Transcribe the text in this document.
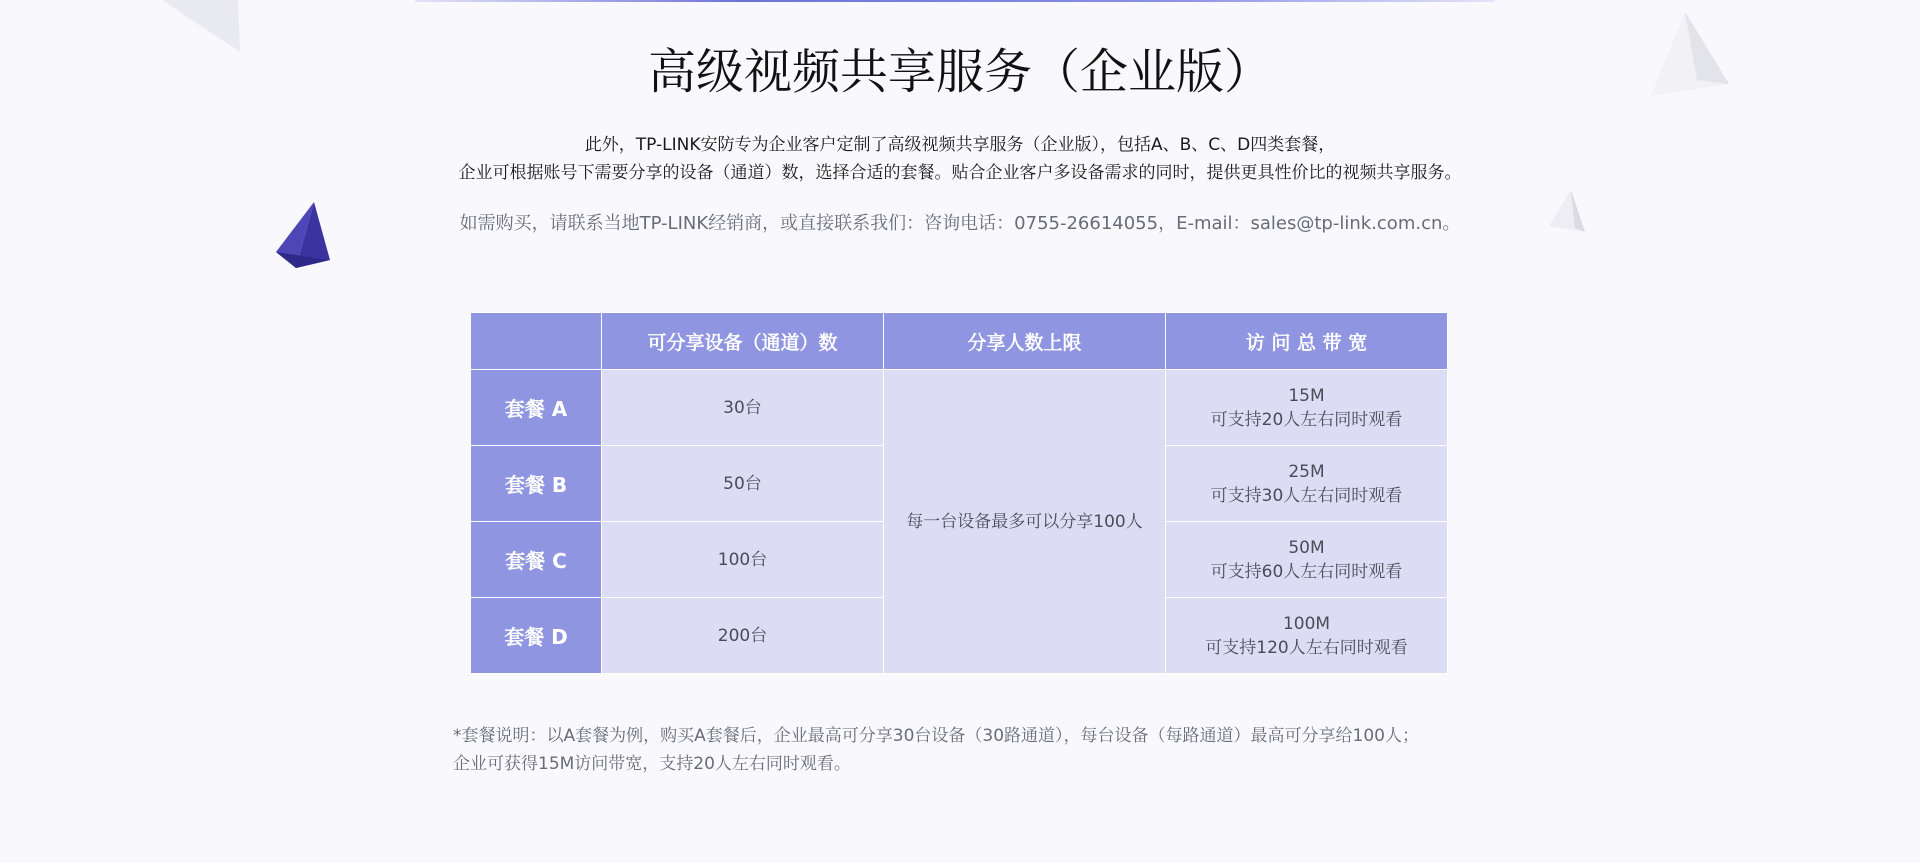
高级视频共享服务（企业版）

此外，TP-LINK安防专为企业客户定制了高级视频共享服务（企业版），包括A、B、C、D四类套餐，

企业可根据账号下需要分享的设备（通道）数，选择合适的套餐。贴合企业客户多设备需求的同时，提供更具性价比的视频共享服务。

如需购买，请联系当地TP-LINK经销商，或直接联系我们：咨询电话：0755-26614055，E-mail：sales@tp-link.com.cn。

	可分享设备（通道）数	分享人数上限	访 问 总 带 宽
套餐 A	30台	每一台设备最多可以分享100人	15M
可支持20人左右同时观看

套餐 B	50台		25M
可支持30人左右同时观看

套餐 C	100台		50M
可支持60人左右同时观看

套餐 D	200台		100M
可支持120人左右同时观看

*套餐说明：以A套餐为例，购买A套餐后，企业最高可分享30台设备（30路通道），每台设备（每路通道）最高可分享给100人；

企业可获得15M访问带宽，支持20人左右同时观看。
